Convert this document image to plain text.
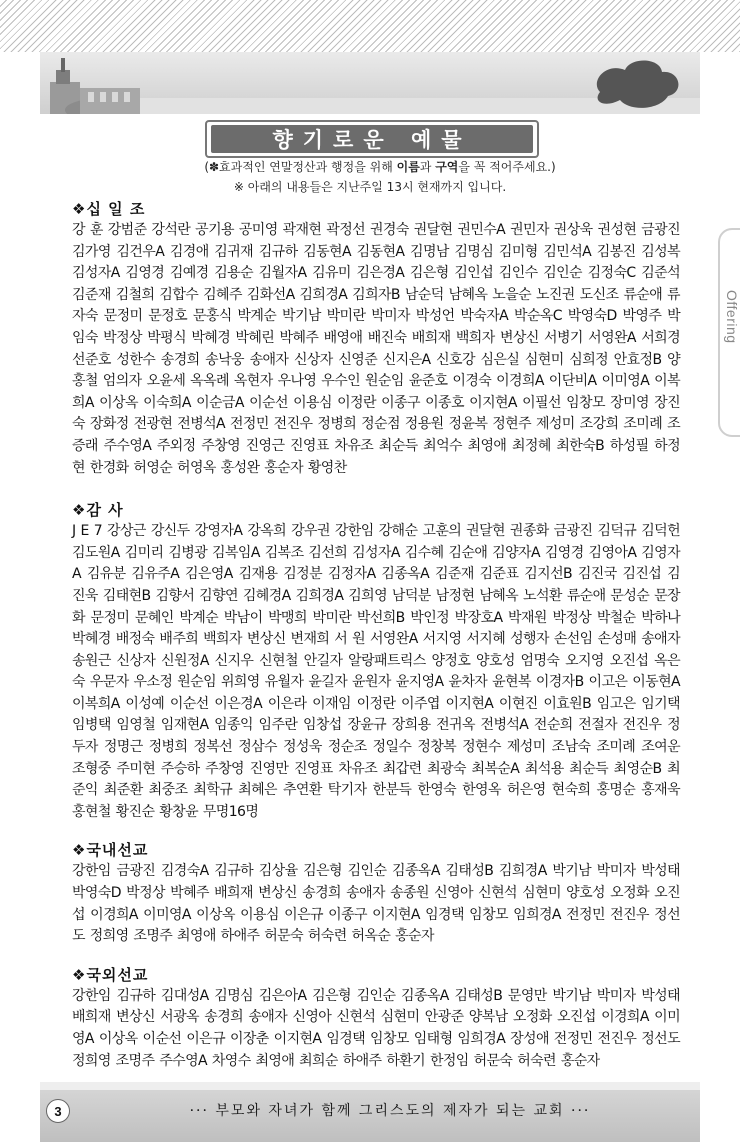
Offering
향기로운 예물
(✽효과적인 연말정산과 행정을 위해 이름과 구역을 꼭 적어주세요.)
※ 아래의 내용들은 지난주일 13시 현재까지 입니다.
❖십 일 조
강 훈 강범준 강석란 공기용 공미영 곽재현 곽정선 권경숙 권달현 권민수A 권민자 권상욱 권성현 금광진 김가영 김건우A 김경애 김귀재 김규하 김동현A 김동현A 김명남 김명심 김미형 김민석A 김봉진 김성복 김성자A 김영경 김예경 김용순 김월자A 김유미 김은경A 김은형 김인섭 김인수 김인순 김정숙C 김준석 김준재 김철희 김합수 김혜주 김화선A 김희경A 김희자B 남순덕 남혜옥 노을순 노진권 도신조 류순애 류자숙 문정미 문정호 문홍식 박계순 박기남 박미란 박미자 박성언 박숙자A 박순옥C 박영숙D 박영주 박임숙 박정상 박평식 박혜경 박혜린 박혜주 배영애 배진숙 배희재 백희자 변상신 서병기 서영완A 서희경 선준호 성한수 송경희 송낙웅 송애자 신상자 신영준 신지은A 신호강 심은실 심현미 심희정 안효정B 양홍철 엄의자 오윤세 옥옥례 옥현자 우나영 우수인 원순임 윤준호 이경숙 이경희A 이단비A 이미영A 이복희A 이상옥 이숙희A 이순금A 이순선 이용심 이정란 이종구 이종호 이지현A 이필선 임창모 장미영 장진숙 장화정 전광현 전병석A 전정민 전진우 정병희 정순점 정용원 정윤복 정현주 제성미 조강희 조미례 조증래 주수영A 주외정 주창영 진영근 진영표 차유조 최순득 최억수 최영애 최정혜 최한숙B 하성필 하정현 한경화 허영순 허영옥 홍성완 홍순자 황영찬
❖감 사
J E 7 강상근 강신두 강영자A 강옥희 강우권 강한임 강해순 고훈의 권달현 권종화 금광진 김덕규 김덕헌 김도원A 김미리 김병광 김복임A 김복조 김선희 김성자A 김수혜 김순애 김양자A 김영경 김영아A 김영자A 김유분 김유주A 김은영A 김재용 김정분 김정자A 김종옥A 김준재 김준표 김지선B 김진국 김진섭 김진욱 김태현B 김향서 김향연 김혜경A 김희경A 김희영 남덕분 남정현 남혜옥 노석환 류순애 문성순 문장화 문정미 문혜인 박계순 박남이 박맹희 박미란 박선희B 박인정 박장호A 박재원 박정상 박철순 박하나 박혜경 배정숙 배주희 백희자 변상신 변재희 서 원 서영완A 서지영 서지혜 성행자 손선임 손성매 송애자 송원근 신상자 신원정A 신지우 신현철 안길자 알랑패트릭스 양정호 양호성 엄명숙 오지영 오진섭 옥은숙 우문자 우소정 원순임 위희영 유월자 윤길자 윤원자 윤지영A 윤차자 윤현복 이경자B 이고은 이동현A 이복희A 이성예 이순선 이은경A 이은라 이재임 이정란 이주엽 이지현A 이현진 이효원B 임고은 임기택 임병택 임영철 임재현A 임종익 임주란 임창섭 장윤규 장희용 전귀옥 전병석A 전순희 전절자 전진우 정두자 정명근 정병희 정복선 정삼수 정성욱 정순조 정일수 정창복 정현수 제성미 조남숙 조미례 조여운 조형중 주미현 주승하 주창영 진영만 진영표 차유조 최갑련 최광숙 최복순A 최석용 최순득 최영순B 최준익 최준환 최중조 최학규 최혜은 추연환 탁기자 한분득 한영숙 한영옥 허은영 현숙희 홍명순 홍재욱 홍현철 황진순 황창윤 무명16명
❖국내선교
강한임 금광진 김경숙A 김규하 김상율 김은형 김인순 김종옥A 김태성B 김희경A 박기남 박미자 박성태 박영숙D 박정상 박혜주 배희재 변상신 송경희 송애자 송종원 신영아 신현석 심현미 양호성 오정화 오진섭 이경희A 이미영A 이상옥 이용심 이은규 이종구 이지현A 임경택 임창모 임희경A 전정민 전진우 정선도 정희영 조명주 최영애 하애주 허문숙 허숙련 허옥순 홍순자
❖국외선교
강한임 김규하 김대성A 김명심 김은아A 김은형 김인순 김종옥A 김태성B 문영만 박기남 박미자 박성태 배희재 변상신 서광옥 송경희 송애자 신영아 신현석 심현미 안광준 양복남 오정화 오진섭 이경희A 이미영A 이상옥 이순선 이은규 이장춘 이지현A 임경택 임창모 임태형 임희경A 장성애 전정민 전진우 정선도 정희영 조명주 주수영A 차영수 최영애 최희순 하애주 하환기 한정임 허문숙 허숙련 홍순자
3	··· 부모와 자녀가 함께 그리스도의 제자가 되는 교회 ···
